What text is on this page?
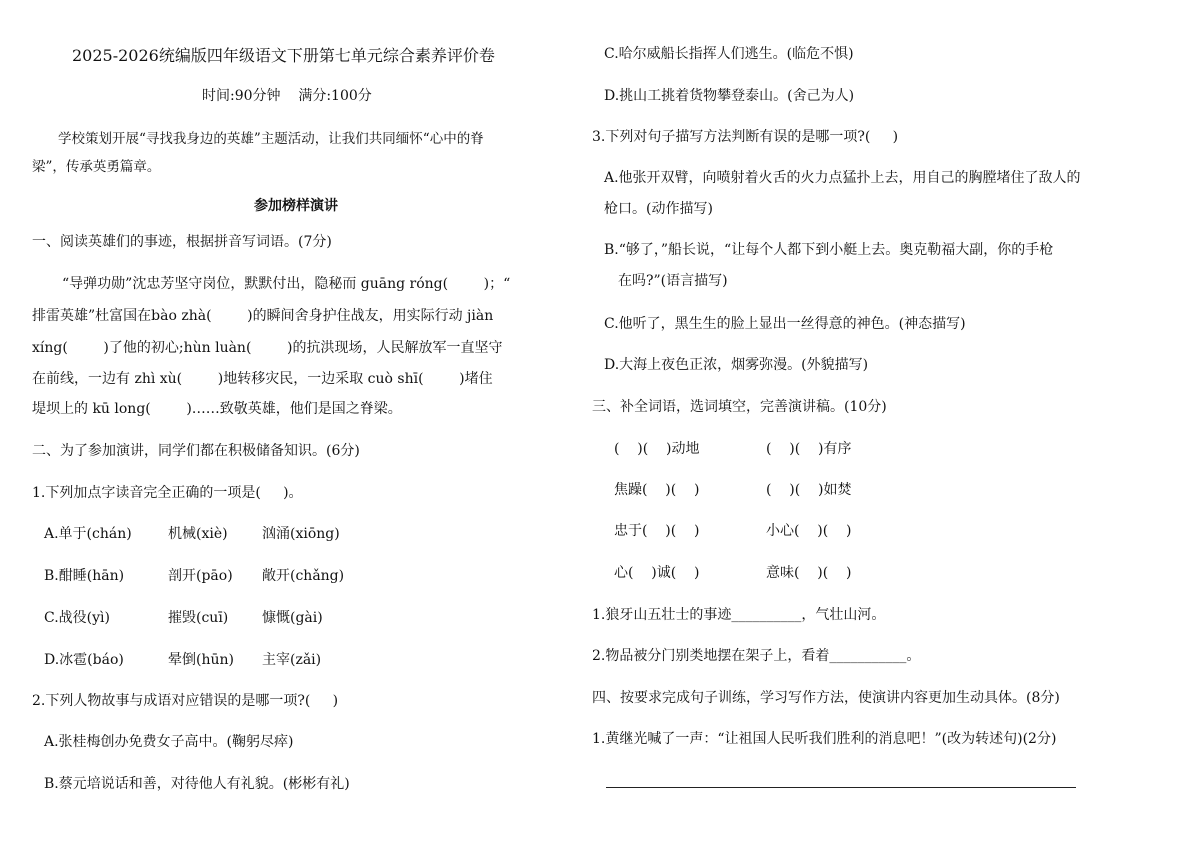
2025-2026统编版四年级语文下册第七单元综合素养评价卷
时间:90分钟    满分:100分
学校策划开展“寻找我身边的英雄”主题活动，让我们共同缅怀“心中的脊
梁”，传承英勇篇章。
参加榜样演讲
一、阅读英雄们的事迹，根据拼音写词语。(7分)
“导弹功勋”沈忠芳坚守岗位，默默付出，隐秘而 guāng róng(        )；“
排雷英雄”杜富国在bào zhà(        )的瞬间舍身护住战友，用实际行动 jiàn
xíng(        )了他的初心;hùn luàn(        )的抗洪现场，人民解放军一直坚守
在前线，一边有 zhì xù(        )地转移灾民，一边采取 cuò shī(        )堵住
堤坝上的 kū long(        )……致敬英雄，他们是国之脊梁。
二、为了参加演讲，同学们都在积极储备知识。(6分)
1.下列加点字读音完全正确的一项是(     )。
A.单于(chán)	机械(xiè) 汹涌(xiōng)
B.酣睡(hān)	剖开(pāo) 敞开(chǎng)
C.战役(yì)	摧毁(cuī) 慷慨(gài)
D.冰雹(báo)	晕倒(hūn) 主宰(zǎi)
2.下列人物故事与成语对应错误的是哪一项?(     )
A.张桂梅创办免费女子高中。(鞠躬尽瘁)
B.蔡元培说话和善，对待他人有礼貌。(彬彬有礼)
C.哈尔威船长指挥人们逃生。(临危不惧)
D.挑山工挑着货物攀登泰山。(舍己为人)
3.下列对句子描写方法判断有误的是哪一项?(     )
A.他张开双臂，向喷射着火舌的火力点猛扑上去，用自己的胸膛堵住了敌人的
枪口。(动作描写)
B.“够了，”船长说，“让每个人都下到小艇上去。奥克勒福大副，你的手枪
在吗?”(语言描写)
C.他听了，黑生生的脸上显出一丝得意的神色。(神态描写)
D.大海上夜色正浓，烟雾弥漫。(外貌描写)
三、补全词语，选词填空，完善演讲稿。(10分)
(    )(    )动地	(    )(    )有序
焦躁(    )(    )	(    )(    )如焚
忠于(    )(    )	小心(    )(    )
心(    )诚(    )	意味(    )(    )
1.狼牙山五壮士的事迹__________，气壮山河。
2.物品被分门别类地摆在架子上，看着___________。
四、按要求完成句子训练，学习写作方法，使演讲内容更加生动具体。(8分)
1.黄继光喊了一声：“让祖国人民听我们胜利的消息吧！”(改为转述句)(2分)
